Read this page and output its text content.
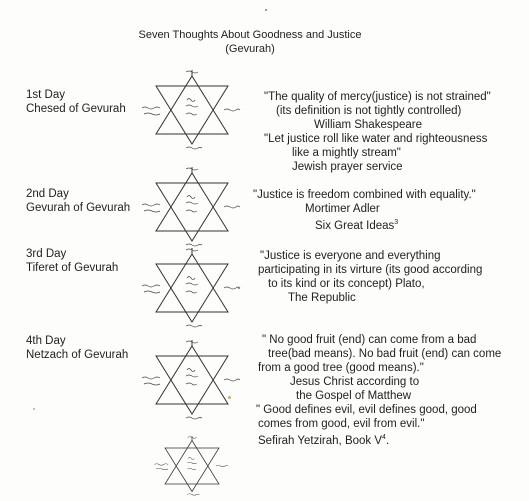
Seven Thoughts About Goodness and Justice
(Gevurah)
1st Day
Chesed of Gevurah
"The quality of mercy(justice) is not strained"
(its definition is not tightly controlled)
William Shakespeare
"Let justice roll like water and righteousness
like a mightly stream"
Jewish prayer service
2nd Day
Gevurah of Gevurah
"Justice is freedom combined with equality."
Mortimer Adler
Six Great Ideas$^3$
3rd Day
Tiferet of Gevurah
"Justice is everyone and everything
participating in its virture (its good according
to its kind or its concept) Plato,
The Republic
4th Day
Netzach of Gevurah
" No good fruit (end) can come from a bad
tree(bad means). No bad fruit (end) can come
from a good tree (good means)."
Jesus Christ according to
the Gospel of Matthew
" Good defines evil, evil defines good, good
comes from good, evil from evil."
Sefirah Yetzirah, Book $V^4$.
